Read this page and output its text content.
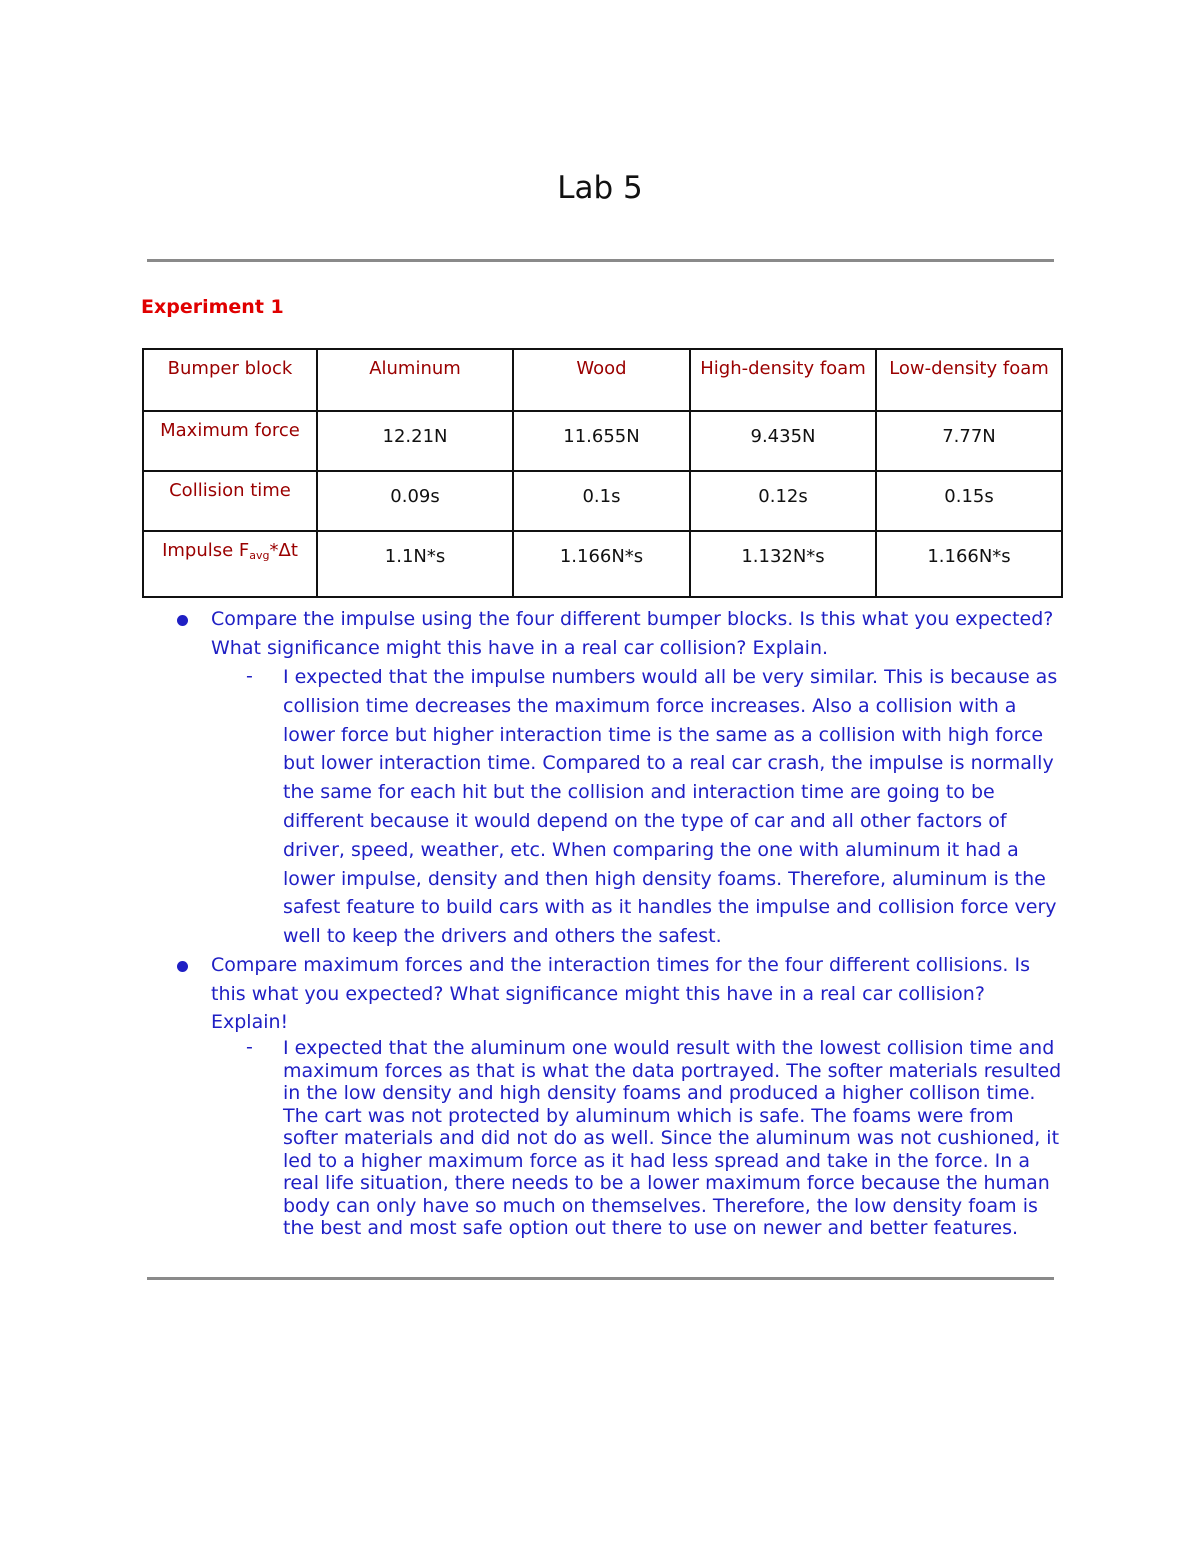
Lab 5
Experiment 1
Bumper block	Aluminum	Wood	High-density foam	Low-density foam
Maximum force	12.21N	11.655N	9.435N	7.77N
Collision time	0.09s	0.1s	0.12s	0.15s
Impulse $F_{avg}*\Delta t$	1.1N*s	1.166N*s	1.132N*s	1.166N*s
Compare the impulse using the four different bumper blocks. Is this what you expected? What significance might this have in a real car collision? Explain.
- I expected that the impulse numbers would all be very similar. This is because as collision time decreases the maximum force increases. Also a collision with a lower force but higher interaction time is the same as a collision with high force but lower interaction time. Compared to a real car crash, the impulse is normally the same for each hit but the collision and interaction time are going to be different because it would depend on the type of car and all other factors of driver, speed, weather, etc. When comparing the one with aluminum it had a lower impulse, density and then high density foams. Therefore, aluminum is the safest feature to build cars with as it handles the impulse and collision force very well to keep the drivers and others the safest.
Compare maximum forces and the interaction times for the four different collisions. Is this what you expected? What significance might this have in a real car collision? Explain!
- I expected that the aluminum one would result with the lowest collision time and maximum forces as that is what the data portrayed. The softer materials resulted in the low density and high density foams and produced a higher collison time. The cart was not protected by aluminum which is safe. The foams were from softer materials and did not do as well. Since the aluminum was not cushioned, it led to a higher maximum force as it had less spread and take in the force. In a real life situation, there needs to be a lower maximum force because the human body can only have so much on themselves. Therefore, the low density foam is the best and most safe option out there to use on newer and better features.
